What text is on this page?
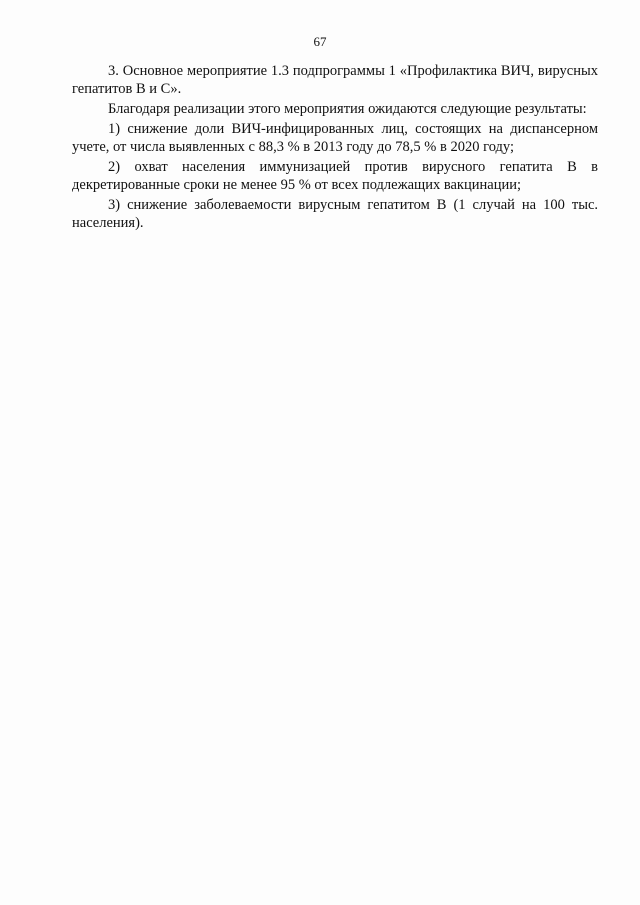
67

3. Основное мероприятие 1.3 подпрограммы 1 «Профилактика ВИЧ, вирусных гепатитов В и С».

Благодаря реализации этого мероприятия ожидаются следующие результаты:

1) снижение доли ВИЧ-инфицированных лиц, состоящих на диспансерном учете, от числа выявленных с 88,3 % в 2013 году до 78,5 % в 2020 году;

2) охват населения иммунизацией против вирусного гепатита В в декретированные сроки не менее 95 % от всех подлежащих вакцинации;

3) снижение заболеваемости вирусным гепатитом В (1 случай на 100 тыс. населения).
